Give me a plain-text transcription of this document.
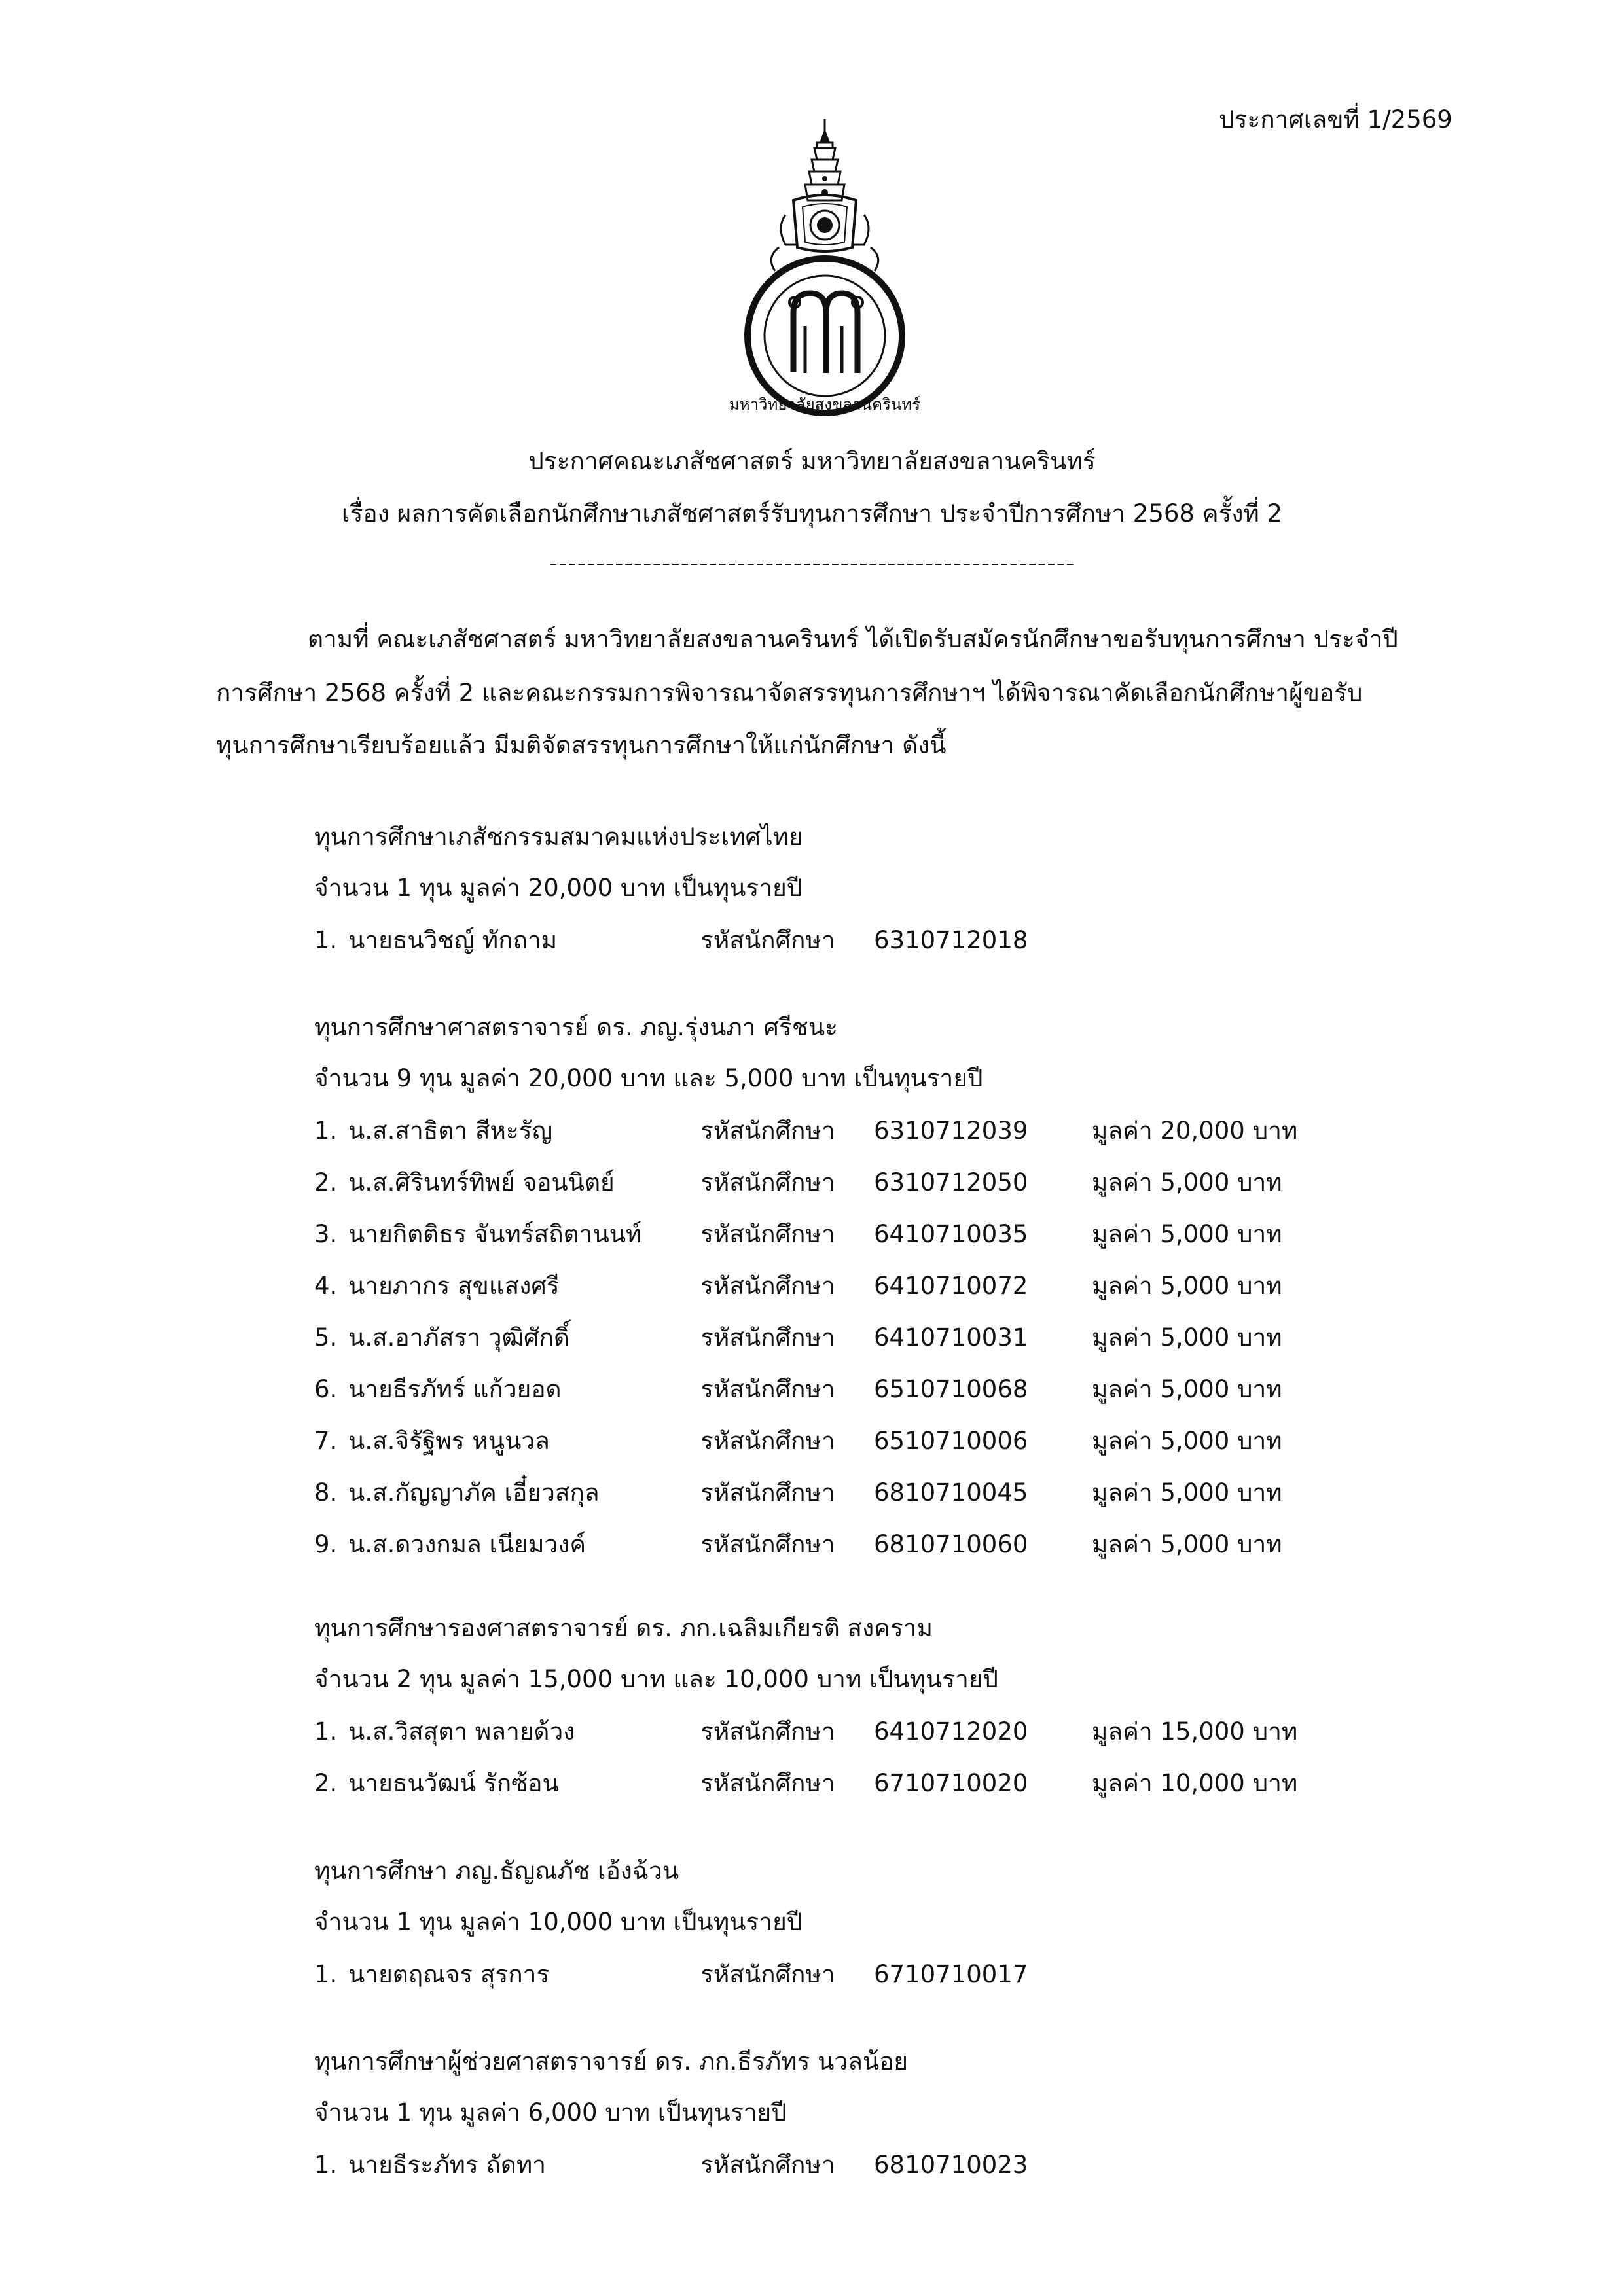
ประกาศเลขที่ 1/2569
มหาวิทยาลัยสงขลานครินทร์
ประกาศคณะเภสัชศาสตร์ มหาวิทยาลัยสงขลานครินทร์
เรื่อง ผลการคัดเลือกนักศึกษาเภสัชศาสตร์รับทุนการศึกษา ประจำปีการศึกษา 2568 ครั้งที่ 2
--------------------------------------------------------
ตามที่ คณะเภสัชศาสตร์ มหาวิทยาลัยสงขลานครินทร์ ได้เปิดรับสมัครนักศึกษาขอรับทุนการศึกษา ประจำปี
การศึกษา 2568 ครั้งที่ 2 และคณะกรรมการพิจารณาจัดสรรทุนการศึกษาฯ ได้พิจารณาคัดเลือกนักศึกษาผู้ขอรับ
ทุนการศึกษาเรียบร้อยแล้ว มีมติจัดสรรทุนการศึกษาให้แก่นักศึกษา ดังนี้
ทุนการศึกษาเภสัชกรรมสมาคมแห่งประเทศไทย
จำนวน 1 ทุน มูลค่า 20,000 บาท เป็นทุนรายปี
1. นายธนวิชญ์ ทักถาม	รหัสนักศึกษา 6310712018
ทุนการศึกษาศาสตราจารย์ ดร. ภญ.รุ่งนภา ศรีชนะ
จำนวน 9 ทุน มูลค่า 20,000 บาท และ 5,000 บาท เป็นทุนรายปี
1. น.ส.สาธิตา สีหะรัญ	รหัสนักศึกษา 6310712039	มูลค่า 20,000 บาท
2. น.ส.ศิรินทร์ทิพย์ จอนนิตย์	รหัสนักศึกษา 6310712050	มูลค่า 5,000 บาท
3. นายกิตติธร จันทร์สถิตานนท์ รหัสนักศึกษา 6410710035	มูลค่า 5,000 บาท
4. นายภากร สุขแสงศรี	รหัสนักศึกษา 6410710072	มูลค่า 5,000 บาท
5. น.ส.อาภัสรา วุฒิศักดิ์	รหัสนักศึกษา 6410710031	มูลค่า 5,000 บาท
6. นายธีรภัทร์ แก้วยอด	รหัสนักศึกษา 6510710068	มูลค่า 5,000 บาท
7. น.ส.จิรัฐิพร หนูนวล	รหัสนักศึกษา 6510710006	มูลค่า 5,000 บาท
8. น.ส.กัญญาภัค เอี๋ยวสกุล	รหัสนักศึกษา 6810710045	มูลค่า 5,000 บาท
9. น.ส.ดวงกมล เนียมวงค์	รหัสนักศึกษา 6810710060	มูลค่า 5,000 บาท
ทุนการศึกษารองศาสตราจารย์ ดร. ภก.เฉลิมเกียรติ สงคราม
จำนวน 2 ทุน มูลค่า 15,000 บาท และ 10,000 บาท เป็นทุนรายปี
1. น.ส.วิสสุตา พลายด้วง	รหัสนักศึกษา 6410712020	มูลค่า 15,000 บาท
2. นายธนวัฒน์ รักซ้อน	รหัสนักศึกษา 6710710020	มูลค่า 10,000 บาท
ทุนการศึกษา ภญ.ธัญณภัช เอ้งฉ้วน
จำนวน 1 ทุน มูลค่า 10,000 บาท เป็นทุนรายปี
1. นายตฤณจร สุรการ	รหัสนักศึกษา 6710710017
ทุนการศึกษาผู้ช่วยศาสตราจารย์ ดร. ภก.ธีรภัทร นวลน้อย
จำนวน 1 ทุน มูลค่า 6,000 บาท เป็นทุนรายปี
1. นายธีระภัทร ถัดทา	รหัสนักศึกษา 6810710023
